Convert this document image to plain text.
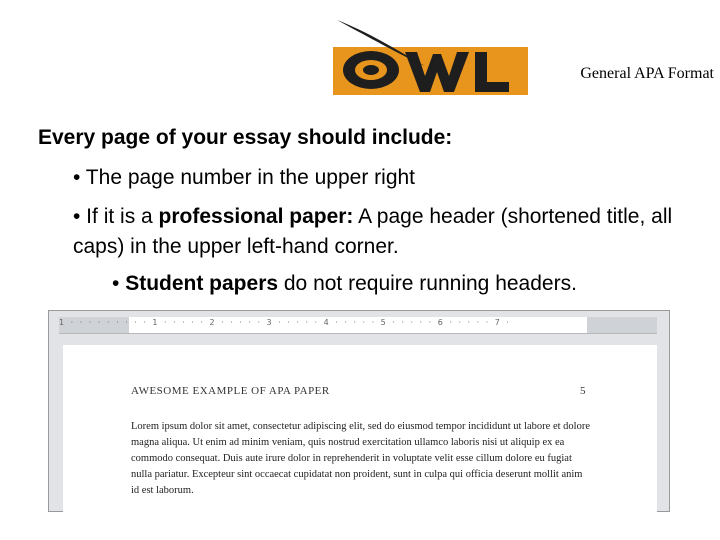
General APA Format
Every page of your essay should include:
• The page number in the upper right
• If it is a professional paper: A page header (shortened title, all caps) in the upper left-hand corner.
• Student papers do not require running headers.
1 · · · · · · · · · 1 · · · · · 2 · · · · · 3 · · · · · 4 · · · · · 5 · · · · · 6 · · · · · 7 ·
AWESOME EXAMPLE OF APA PAPER	5
Lorem ipsum dolor sit amet, consectetur adipiscing elit, sed do eiusmod tempor incididunt ut labore et dolore magna aliqua. Ut enim ad minim veniam, quis nostrud exercitation ullamco laboris nisi ut aliquip ex ea commodo consequat. Duis aute irure dolor in reprehenderit in voluptate velit esse cillum dolore eu fugiat nulla pariatur. Excepteur sint occaecat cupidatat non proident, sunt in culpa qui officia deserunt mollit anim id est laborum.
